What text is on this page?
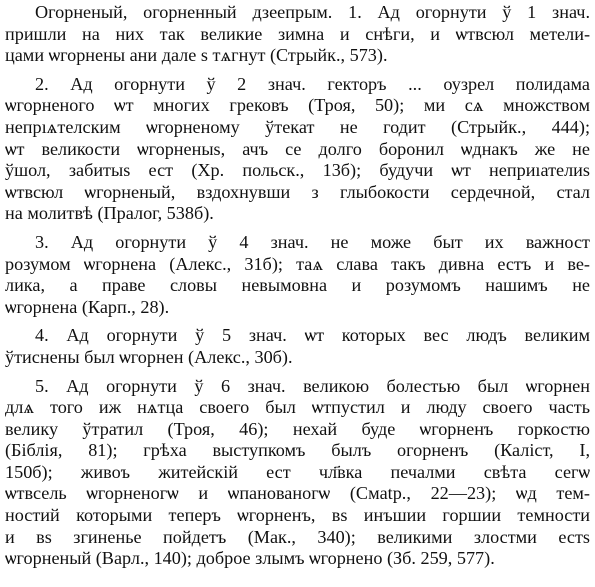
Огорненый, огорненный дзеепрым. 1. Ад огорнути ў 1 знач.
пришли на них так великие зимна и снѣги, и ѡтвсюл метели-
цами ѡгорнены ани дале ѕ тѧгнут (Стрыйк., 573).
2. Ад огорнути ў 2 знач. гекторъ ... оузрел полидама
ѡгорненого ѡт многих грековъ (Троя, 50); ми сѧ множством
непрıѧтелским ѡгорненому ўтекат не годит (Стрыйк., 444);
ѡт великости ѡгорненыѕ, ачъ се долго боронил ѡднакъ же не
ўшол, забитыѕ ест (Хр. польск., 13б); будучи ѡт неприıателиѕ
ѡтвсюл ѡгорненый, вздохнувши з глыбокости сердечной, стал
на молитвѣ (Пралог, 538б).
3. Ад огорнути ў 4 знач. не може быт их важност
розумом ѡгорнена (Алекс., 31б); таѧ слава такъ дивна естъ и ве-
лика, а праве словы невымовна и розумомъ нашимъ не
ѡгорнена (Карп., 28).
4. Ад огорнути ў 5 знач. ѡт которых вес людъ великим
ўтиснены был ѡгорнен (Алекс., 30б).
5. Ад огорнути ў 6 знач. великою болестью был ѡгорнен
длѧ того иж нѧтца своего был ѡтпустил и люду своего часть
велику ўтратил (Троя, 46); нехай буде ѡгорненъ горкостю
(Біблія, 81); грѣха выступкомъ былъ огорненъ (Каліст, І,
150б); живоъ житейскій ест чл҃вка печалми свѣта сегѡ
ѡтвсель ѡгорненогѡ и ѡпанованогѡ (Смatp., 22—23); ѡд тем-
ностий которыми теперъ ѡгорненъ, вѕ инъшии горшии темности
и вѕ згиненье пойдетъ (Мак., 340); великими злостми естѕ
ѡгорненый (Варл., 140); доброе злымъ ѡгорнено (Зб. 259, 577).
